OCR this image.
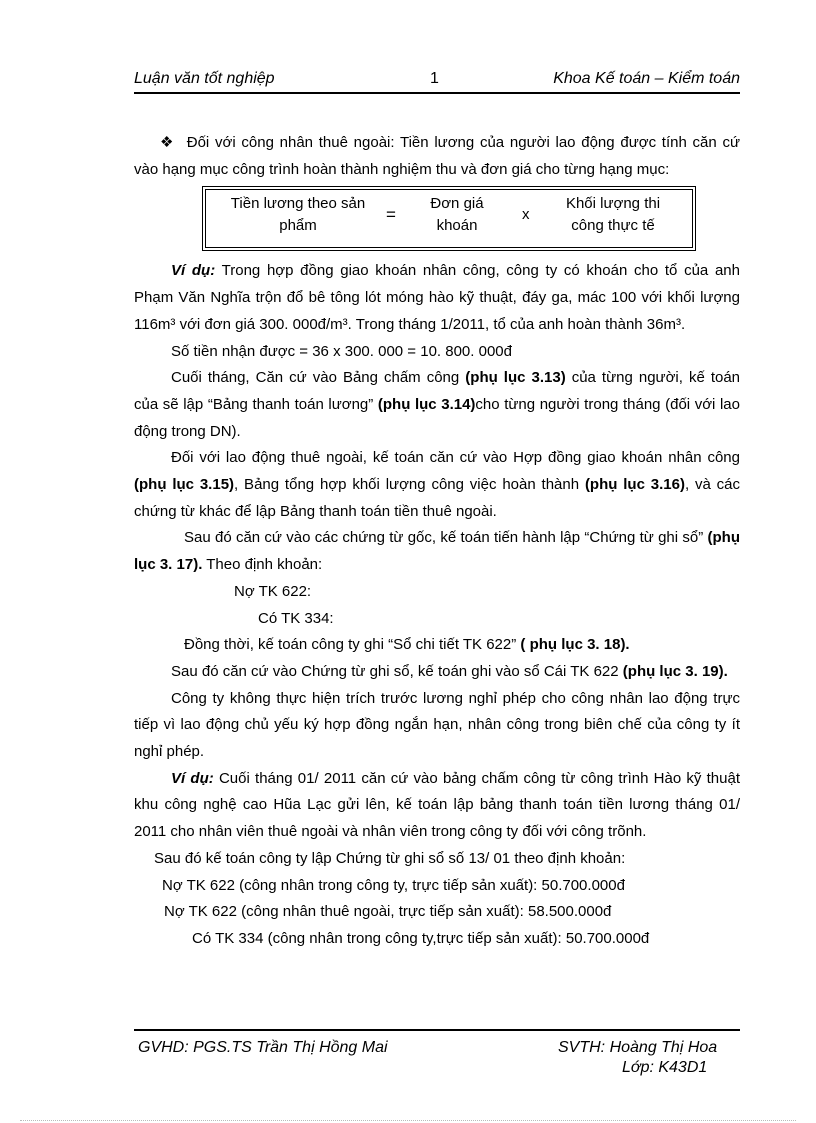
Luận văn tốt nghiệp	1	Khoa Kế toán – Kiểm toán

❖ Đối với công nhân thuê ngoài: Tiền lương của người lao động được tính căn cứ vào hạng mục công trình hoàn thành nghiệm thu và đơn giá cho từng hạng mục:

Tiền lương theo sản
phẩm
=
Đơn giá
khoán
x
Khối lượng thi
công thực tế

Ví dụ: Trong hợp đồng giao khoán nhân công, công ty có khoán cho tổ của anh Phạm Văn Nghĩa trộn đổ bê tông lót móng hào kỹ thuật, đáy ga, mác 100 với khối lượng 116m³ với đơn giá 300. 000đ/m³. Trong tháng 1/2011, tổ của anh hoàn thành 36m³.

Số tiền nhận được = 36 x 300. 000 = 10. 800. 000đ

Cuối tháng, Căn cứ vào Bảng chấm công (phụ lục 3.13) của từng người, kế toán của sẽ lập “Bảng thanh toán lương” (phụ lục 3.14)cho từng người trong tháng (đối với lao động trong DN).

Đối với lao động thuê ngoài, kế toán căn cứ vào Hợp đồng giao khoán nhân công (phụ lục 3.15), Bảng tổng hợp khối lượng công việc hoàn thành (phụ lục 3.16), và các chứng từ khác để lập Bảng thanh toán tiền thuê ngoài.

Sau đó căn cứ vào các chứng từ gốc, kế toán tiến hành lập “Chứng từ ghi sổ” (phụ lục 3. 17). Theo định khoản:

Nợ TK 622:

Có TK 334:

Đồng thời, kế toán công ty ghi “Sổ chi tiết TK 622” ( phụ lục 3. 18).

Sau đó căn cứ vào Chứng từ ghi sổ, kế toán ghi vào sổ Cái TK 622 (phụ lục 3. 19).

Công ty không thực hiện trích trước lương nghỉ phép cho công nhân lao động trực tiếp vì lao động chủ yếu ký hợp đồng ngắn hạn, nhân công trong biên chế của công ty ít nghỉ phép.

Ví dụ: Cuối tháng 01/ 2011 căn cứ vào bảng chấm công từ công trình Hào kỹ thuật khu công nghệ cao Hũa Lạc gửi lên, kế toán lập bảng thanh toán tiền lương tháng 01/ 2011 cho nhân viên thuê ngoài và nhân viên trong công ty đối với công trõnh.

Sau đó kế toán công ty lập Chứng từ ghi sổ số 13/ 01 theo định khoản:

Nợ TK 622 (công nhân trong công ty, trực tiếp sản xuất): 50.700.000đ

Nợ TK 622 (công nhân thuê ngoài, trực tiếp sản xuất): 58.500.000đ

Có TK 334 (công nhân trong công ty,trực tiếp sản xuất): 50.700.000đ

GVHD: PGS.TS Trần Thị Hồng Mai	SVTH: Hoàng Thị Hoa
Lớp: K43D1
